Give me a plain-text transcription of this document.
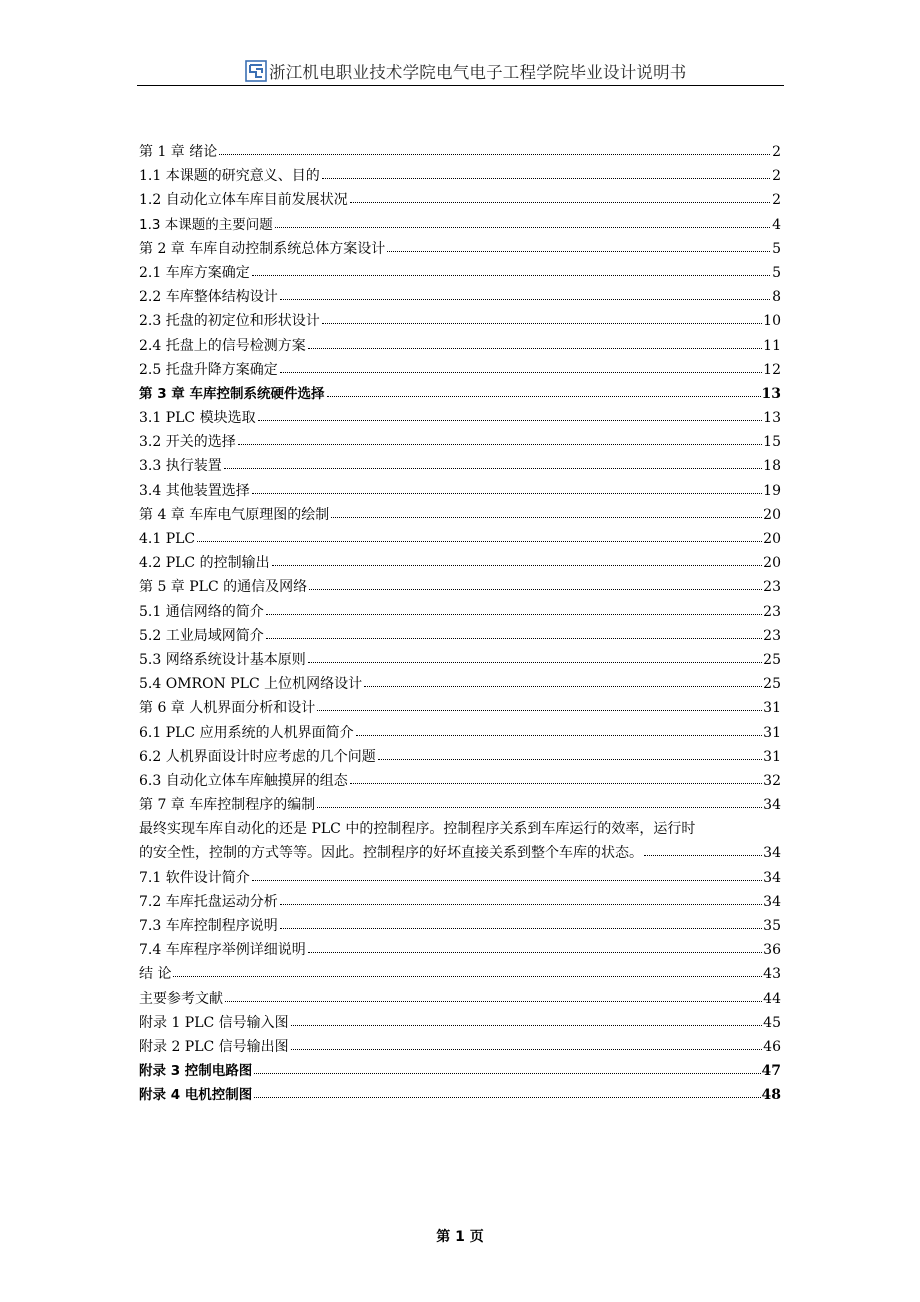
浙江机电职业技术学院电气电子工程学院毕业设计说明书
第 1 章 绪论	2
1.1 本课题的研究意义、目的	2
1.2 自动化立体车库目前发展状况	2
1.3 本课题的主要问题	4
第 2 章 车库自动控制系统总体方案设计	5
2.1 车库方案确定	5
2.2 车库整体结构设计	8
2.3 托盘的初定位和形状设计	10
2.4 托盘上的信号检测方案	11
2.5 托盘升降方案确定	12
第 3 章 车库控制系统硬件选择	13
3.1 PLC 模块选取	13
3.2 开关的选择	15
3.3 执行装置	18
3.4 其他装置选择	19
第 4 章 车库电气原理图的绘制	20
4.1 PLC	20
4.2 PLC 的控制输出	20
第 5 章 PLC 的通信及网络	23
5.1 通信网络的简介	23
5.2 工业局域网简介	23
5.3 网络系统设计基本原则	25
5.4 OMRON PLC 上位机网络设计	25
第 6 章 人机界面分析和设计	31
6.1 PLC 应用系统的人机界面简介	31
6.2 人机界面设计时应考虑的几个问题	31
6.3 自动化立体车库触摸屏的组态	32
第 7 章 车库控制程序的编制	34
最终实现车库自动化的还是 PLC 中的控制程序。控制程序关系到车库运行的效率，运行时
的安全性，控制的方式等等。因此。控制程序的好坏直接关系到整个车库的状态。	34
7.1 软件设计简介	34
7.2 车库托盘运动分析	34
7.3 车库控制程序说明	35
7.4 车库程序举例详细说明	36
结 论	43
主要参考文献	44
附录 1 PLC 信号输入图	45
附录 2 PLC 信号输出图	46
附录 3 控制电路图	47
附录 4 电机控制图	48
第 1 页
